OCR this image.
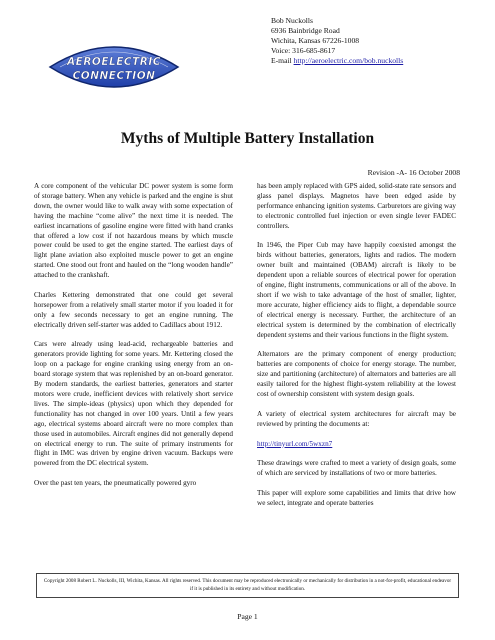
AEROELECTRIC
CONNECTION
Bob Nuckolls
6936 Bainbridge Road
Wichita, Kansas 67226-1008
Voice: 316-685-8617
E-mail http://aeroelectric.com/bob.nuckolls
Myths of Multiple Battery Installation
Revision -A- 16 October 2008

A core component of the vehicular DC power system is some form of storage battery. When any vehicle is parked and the engine is shut down, the owner would like to walk away with some expectation of having the machine “come alive” the next time it is needed. The earliest incarnations of gasoline engine were fitted with hand cranks that offered a low cost if not hazardous means by which muscle power could be used to get the engine started. The earliest days of light plane aviation also exploited muscle power to get an engine started. One stood out front and hauled on the “long wooden handle” attached to the crankshaft.

Charles Kettering demonstrated that one could get several horsepower from a relatively small starter motor if you loaded it for only a few seconds necessary to get an engine running. The electrically driven self-starter was added to Cadillacs about 1912.

Cars were already using lead-acid, rechargeable batteries and generators provide lighting for some years. Mr. Kettering closed the loop on a package for engine cranking using energy from an on-board storage system that was replenished by an on-board generator. By modern standards, the earliest batteries, generators and starter motors were crude, inefficient devices with relatively short service lives. The simple-ideas (physics) upon which they depended for functionality has not changed in over 100 years. Until a few years ago, electrical systems aboard aircraft were no more complex than those used in automobiles. Aircraft engines did not generally depend on electrical energy to run. The suite of primary instruments for flight in IMC was driven by engine driven vacuum. Backups were powered from the DC electrical system.

Over the past ten years, the pneumatically powered gyro

has been amply replaced with GPS aided, solid-state rate sensors and glass panel displays. Magnetos have been edged aside by performance enhancing ignition systems. Carburetors are giving way to electronic controlled fuel injection or even single lever FADEC controllers.

In 1946, the Piper Cub may have happily coexisted amongst the birds without batteries, generators, lights and radios. The modern owner built and maintained (OBAM) aircraft is likely to be dependent upon a reliable sources of electrical power for operation of engine, flight instruments, communications or all of the above. In short if we wish to take advantage of the host of smaller, lighter, more accurate, higher efficiency aids to flight, a dependable source of electrical energy is necessary. Further, the architecture of an electrical system is determined by the combination of electrically dependent systems and their various functions in the flight system.

Alternators are the primary component of energy production; batteries are components of choice for energy storage. The number, size and partitioning (architecture) of alternators and batteries are all easily tailored for the highest flight-system reliability at the lowest cost of ownership consistent with system design goals.

A variety of electrical system architectures for aircraft may be reviewed by printing the documents at:

http://tinyurl.com/5wxzn7

These drawings were crafted to meet a variety of design goals, some of which are serviced by installations of two or more batteries.

This paper will explore some capabilities and limits that drive how we select, integrate and operate batteries

Copyright 2008 Robert L. Nuckolls, III, Wichita, Kansas. All rights reserved. This document may be reproduced electronically or mechanically for distribution in a not-for-profit, educational endeavor if it is published in its entirety and without modification.
Page 1
